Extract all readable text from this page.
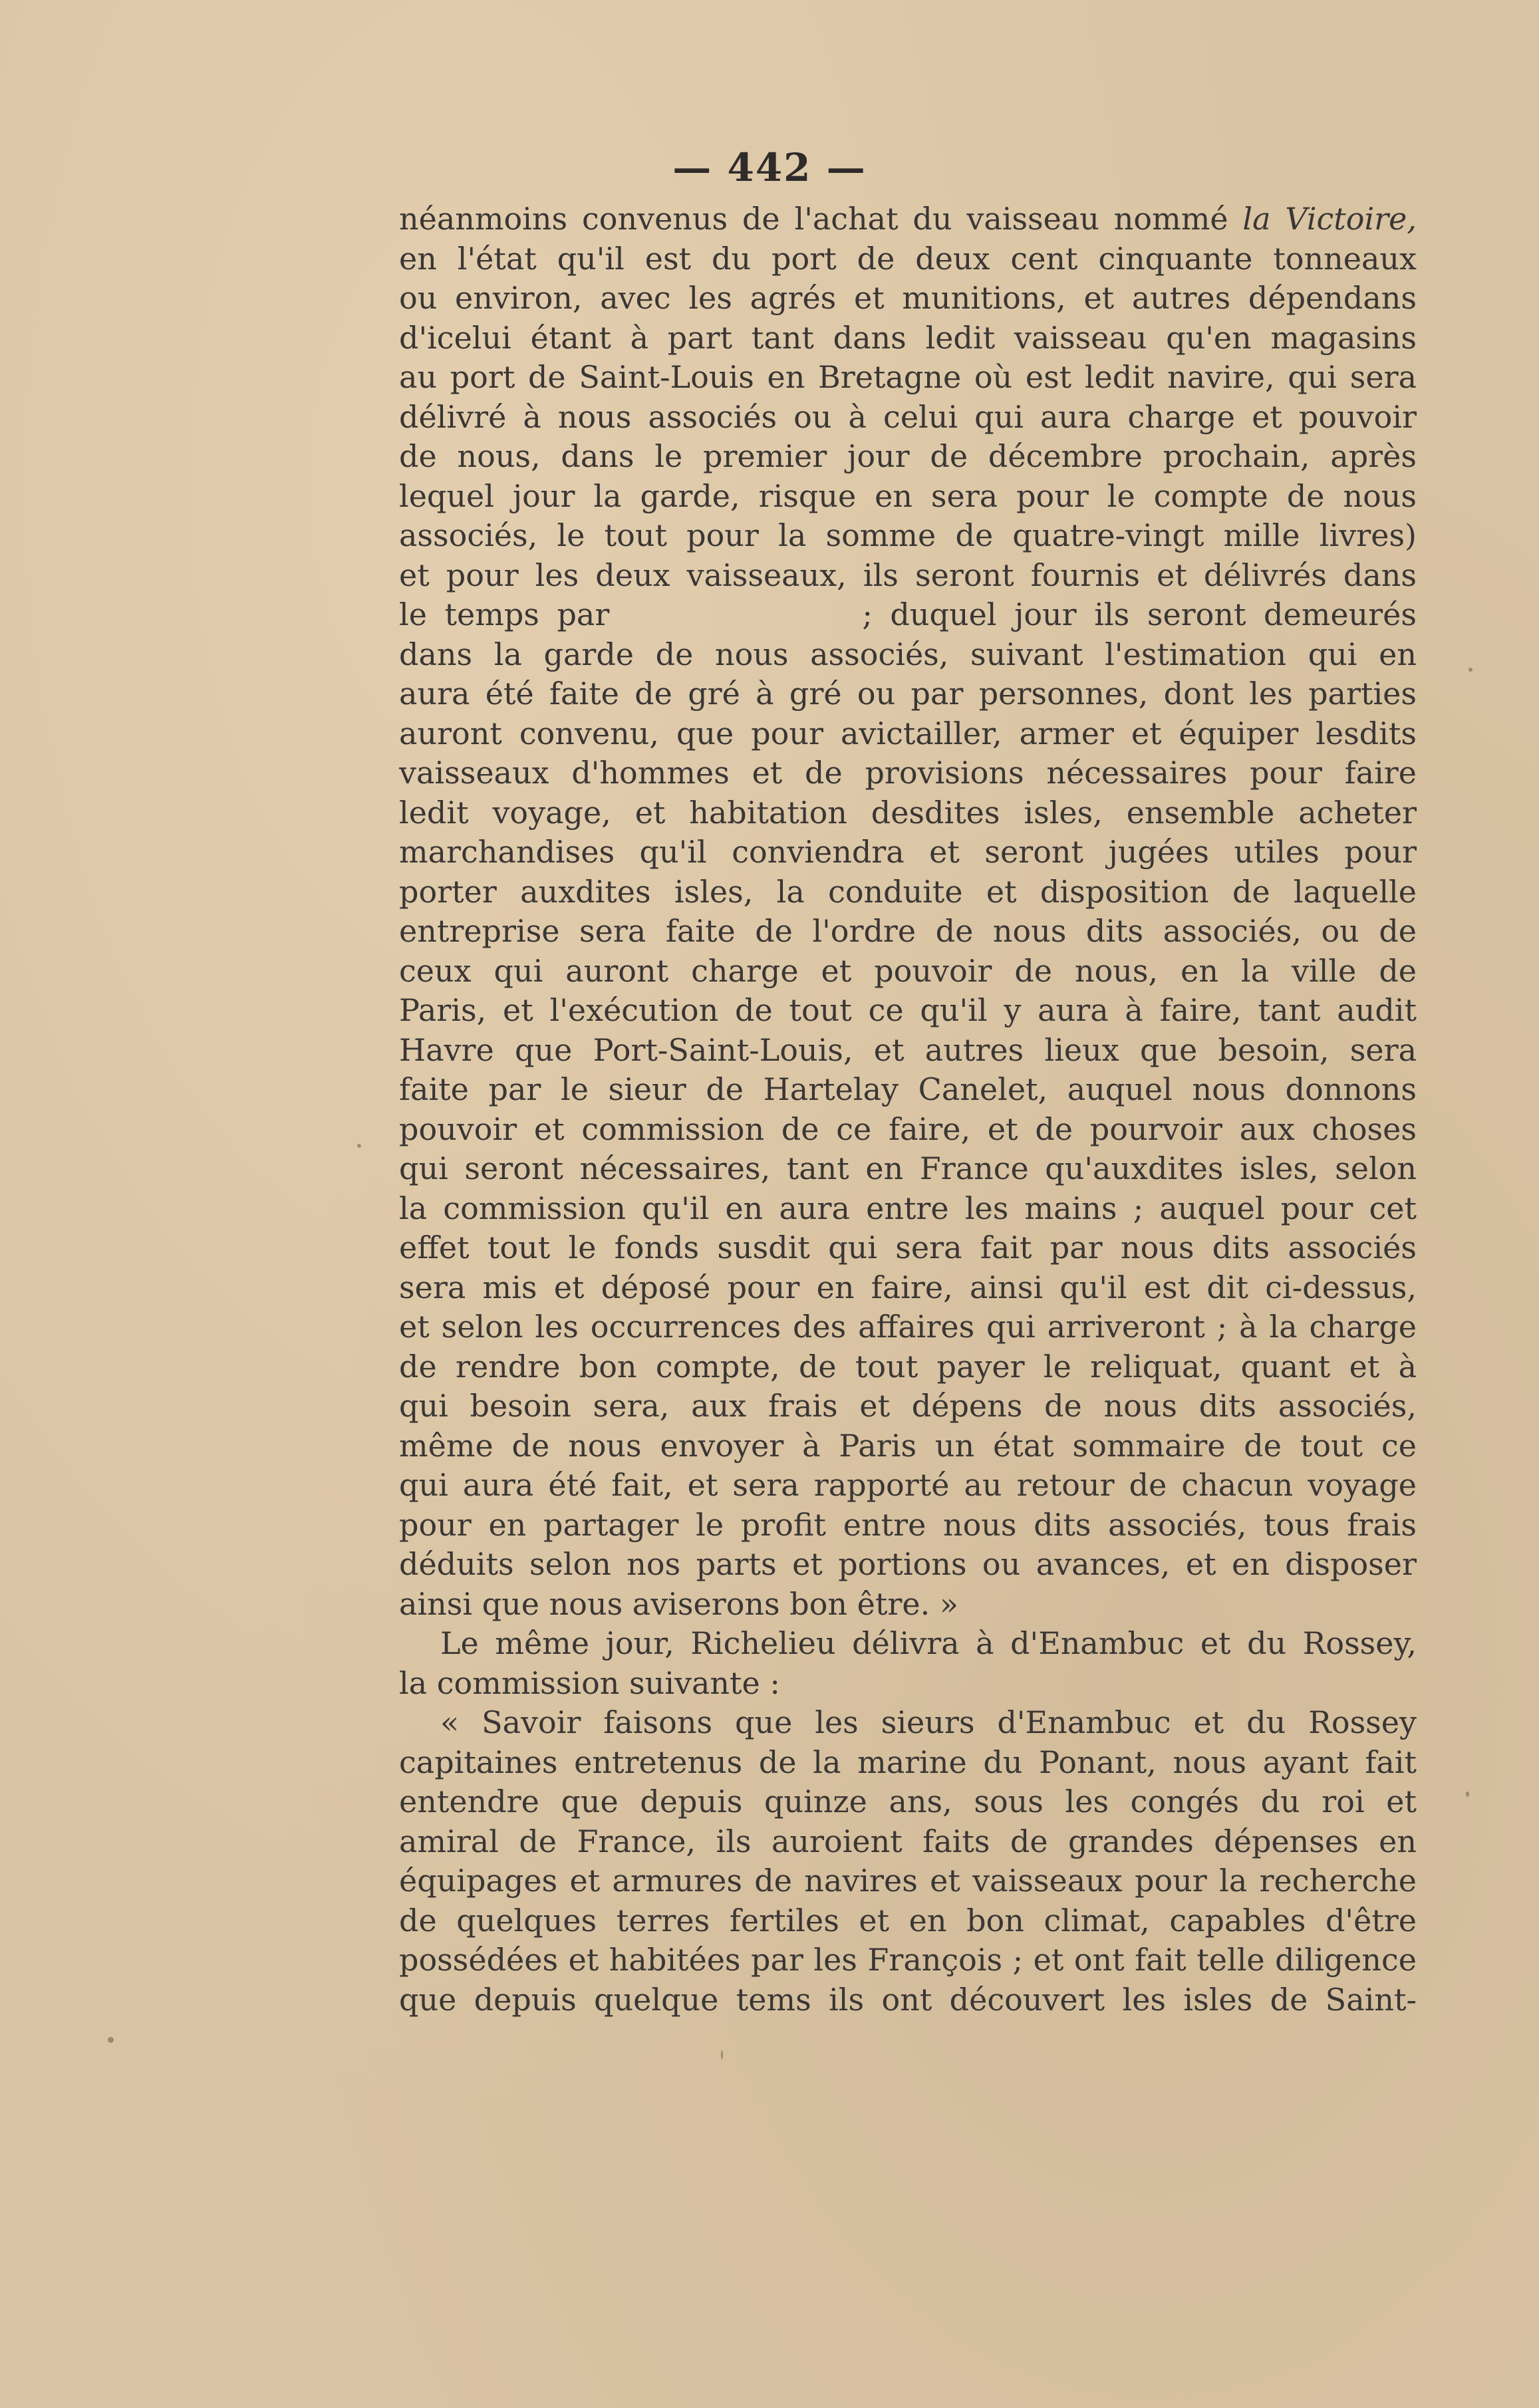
— 442 —
néanmoins convenus de l'achat du vaisseau nommé la Victoire,
en l'état qu'il est du port de deux cent cinquante tonneaux
ou environ, avec les agrés et munitions, et autres dépendans
d'icelui étant à part tant dans ledit vaisseau qu'en magasins
au port de Saint-Louis en Bretagne où est ledit navire, qui sera
délivré à nous associés ou à celui qui aura charge et pouvoir
de nous, dans le premier jour de décembre prochain, après
lequel jour la garde, risque en sera pour le compte de nous
associés, le tout pour la somme de quatre-vingt mille livres)
et pour les deux vaisseaux, ils seront fournis et délivrés dans
le temps par	; duquel jour ils seront demeurés
dans la garde de nous associés, suivant l'estimation qui en
aura été faite de gré à gré ou par personnes, dont les parties
auront convenu, que pour avictailler, armer et équiper lesdits
vaisseaux d'hommes et de provisions nécessaires pour faire
ledit voyage, et habitation desdites isles, ensemble acheter
marchandises qu'il conviendra et seront jugées utiles pour
porter auxdites isles, la conduite et disposition de laquelle
entreprise sera faite de l'ordre de nous dits associés, ou de
ceux qui auront charge et pouvoir de nous, en la ville de
Paris, et l'exécution de tout ce qu'il y aura à faire, tant audit
Havre que Port-Saint-Louis, et autres lieux que besoin, sera
faite par le sieur de Hartelay Canelet, auquel nous donnons
pouvoir et commission de ce faire, et de pourvoir aux choses
qui seront nécessaires, tant en France qu'auxdites isles, selon
la commission qu'il en aura entre les mains ; auquel pour cet
effet tout le fonds susdit qui sera fait par nous dits associés
sera mis et déposé pour en faire, ainsi qu'il est dit ci-dessus,
et selon les occurrences des affaires qui arriveront ; à la charge
de rendre bon compte, de tout payer le reliquat, quant et à
qui besoin sera, aux frais et dépens de nous dits associés,
même de nous envoyer à Paris un état sommaire de tout ce
qui aura été fait, et sera rapporté au retour de chacun voyage
pour en partager le profit entre nous dits associés, tous frais
déduits selon nos parts et portions ou avances, et en disposer
ainsi que nous aviserons bon être. »
Le même jour, Richelieu délivra à d'Enambuc et du Rossey,
la commission suivante :
« Savoir faisons que les sieurs d'Enambuc et du Rossey
capitaines entretenus de la marine du Ponant, nous ayant fait
entendre que depuis quinze ans, sous les congés du roi et
amiral de France, ils auroient faits de grandes dépenses en
équipages et armures de navires et vaisseaux pour la recherche
de quelques terres fertiles et en bon climat, capables d'être
possédées et habitées par les François ; et ont fait telle diligence
que depuis quelque tems ils ont découvert les isles de Saint-
